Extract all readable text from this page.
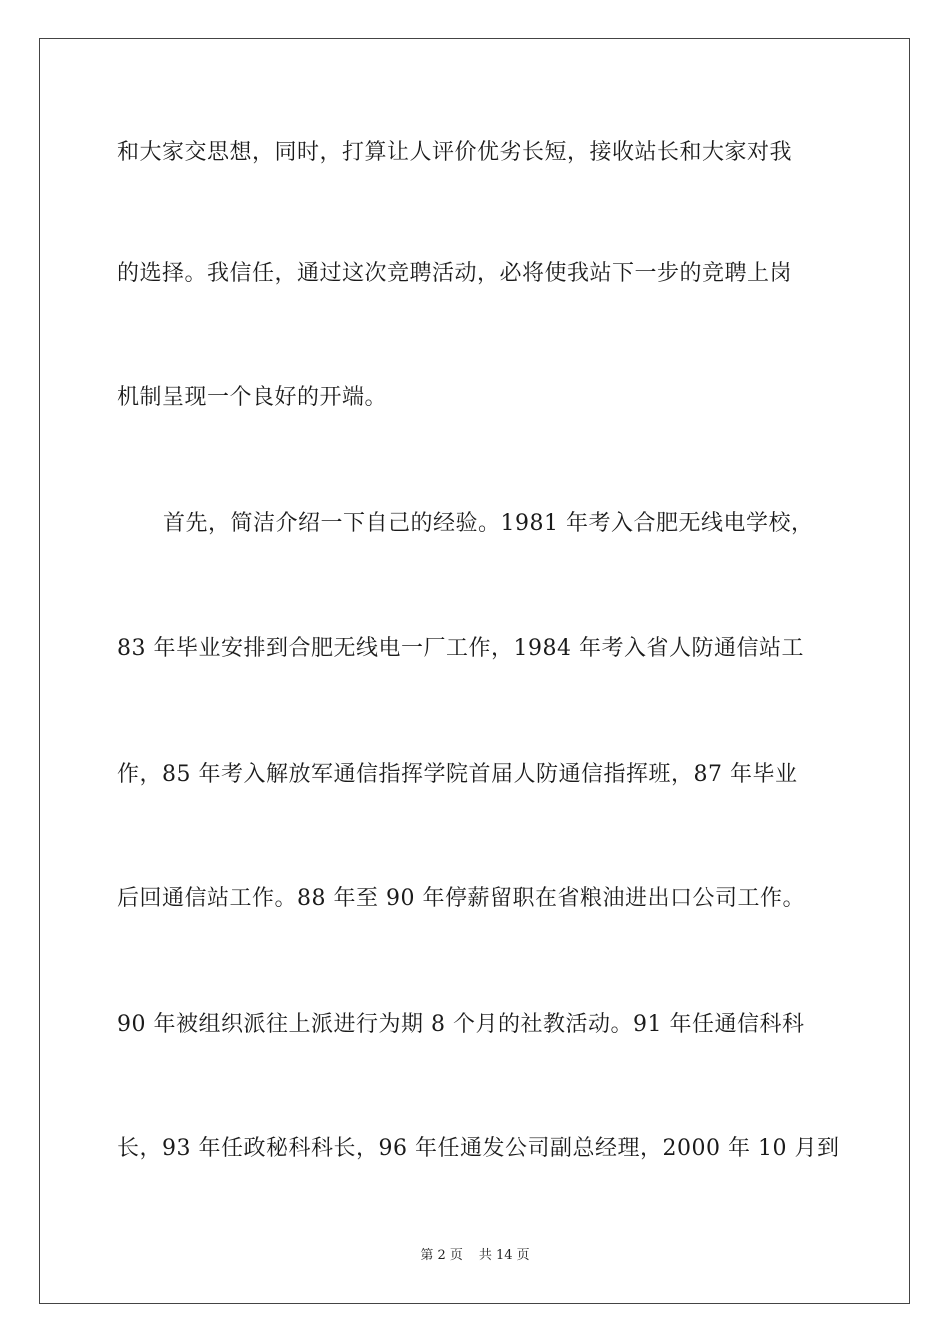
和大家交思想，同时，打算让人评价优劣长短，接收站长和大家对我
的选择。我信任，通过这次竞聘活动，必将使我站下一步的竞聘上岗
机制呈现一个良好的开端。
首先，简洁介绍一下自己的经验。1981 年考入合肥无线电学校，
83 年毕业安排到合肥无线电一厂工作，1984 年考入省人防通信站工
作，85 年考入解放军通信指挥学院首届人防通信指挥班，87 年毕业
后回通信站工作。88 年至 90 年停薪留职在省粮油进出口公司工作。
90 年被组织派往上派进行为期 8 个月的社教活动。91 年任通信科科
长，93 年任政秘科科长，96 年任通发公司副总经理，2000 年 10 月到
第 2 页 共 14 页
